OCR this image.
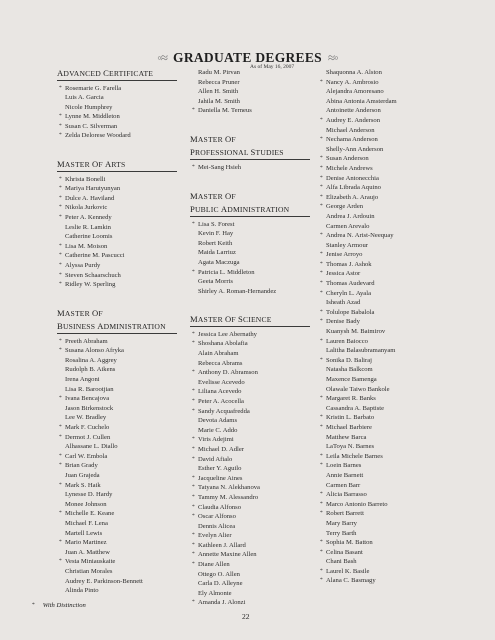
◦≈ GRADUATE DEGREES ≈◦
As of May 16, 2007
ADVANCED CERTIFICATE
* Rosemarie G. Farella
Luis A. Garcia
Nicole Humphrey
* Lynne M. Middleton
* Susan C. Silverman
* Zelda Delorese Woodard
MASTER OF ARTS
* Khrista Bonelli
* Mariya Harutyunyan
* Dulce A. Haviland
* Nikola Jurkovic
* Peter A. Kennedy
Leslie R. Lamkin
Catherine Loomis
* Lisa M. Moison
* Catherine M. Pascucci
* Alyssa Purdy
* Steven Schaarschuch
* Ridley W. Sperling
MASTER OF
BUSINESS ADMINISTRATION
* Preeth Abraham
* Susana Alonso Afryka
Rosalina A. Aggrey
Rudolph B. Aikens
Irena Angoni
Lisa R. Barootjian
* Ivana Bencajova
Jason Birkenstock
Lee W. Bradley
* Mark F. Cuchelo
* Dermot J. Cullen
Alhassane L. Diallo
* Carl W. Embola
* Brian Grady
Juan Grajeda
* Mark S. Haik
Lynesse D. Hardy
Monee Johnson
* Michelle E. Keane
Michael F. Lena
Martell Lewis
* Mario Martinez
Juan A. Matthew
* Vesta Miniauskaite
Christian Morales
Audrey E. Parkinson-Bennett
Alinda Pinto
Radu M. Pirvan
Rebecca Pruner
Allen H. Smith
Jahila M. Smith
* Daniella M. Terneus
MASTER OF
PROFESSIONAL STUDIES
* Mei-Sang Hsieh
MASTER OF
PUBLIC ADMINISTRATION
* Lisa S. Forest
Kevin F. Hay
Robert Keith
Maida Larriuz
Agata Maczuga
* Patricia L. Middleton
Geeta Morris
Shirley A. Roman-Hernandez
MASTER OF SCIENCE
* Jessica Lee Abernathy
* Shoshana Abolafia
Alain Abraham
Rebecca Abrams
* Anthony D. Abramson
Evelisse Acevedo
* Liliana Acevedo
* Peter A. Acocella
* Sandy Acquafredda
Devota Adams
Marie C. Addo
* Viris Adejimi
* Michael D. Adler
* David Afialo
Esther Y. Aguilo
* Jacqueline Aines
* Tatyana N. Alekhanova
* Tammy M. Alessandro
* Claudia Alfonso
* Oscar Alfonso
Dennis Alicea
* Evelyn Alier
* Kathleen J. Allard
* Annette Maxine Allen
* Diane Allen
Ottego O. Allen
Carla D. Alleyne
Ely Almonte
* Amanda J. Alonzi
Shaquonna A. Alston
* Nancy A. Ambrosio
Alejandra Amoresano
Abina Antonia Amsterdam
Antoinette Anderson
* Audrey E. Anderson
Michael Anderson
* Nechama Anderson
Shelly-Ann Anderson
* Susan Anderson
* Michele Andrews
* Denise Antonecchia
* Alfa Librada Aquino
* Elizabeth A. Araujo
* George Arden
Andrea J. Ardouin
Carmen Arevalo
* Andrea N. Arist-Neequay
Stanley Armour
* Jenise Arroyo
* Thomas J. Ashok
* Jessica Astor
* Thomas Audevard
* Cheryln L. Ayala
Isheath Azad
* Tolulope Babalola
* Denise Bady
Kuanysh M. Baimirov
* Lauren Baiocco
Lalitha Balasubramanyam
* Sonika D. Baliraj
Natasha Balkcom
Maxence Bamenga
Olawale Taiwo Bankole
* Margaret R. Banks
Cassandra A. Baptiste
* Kristin L. Barbato
* Michael Barbiere
Matthew Barca
LaToya N. Barnes
* Leila Michele Barnes
* Loein Barnes
Annie Barnett
Carmen Barr
* Alicia Barrasso
* Marco Antonio Barreto
* Robert Barrett
Mary Barry
Terry Barth
* Sophia M. Batton
* Celina Basant
Chani Bash
* Laurel K. Basile
* Alana C. Basmagy
* With Distinction
22
